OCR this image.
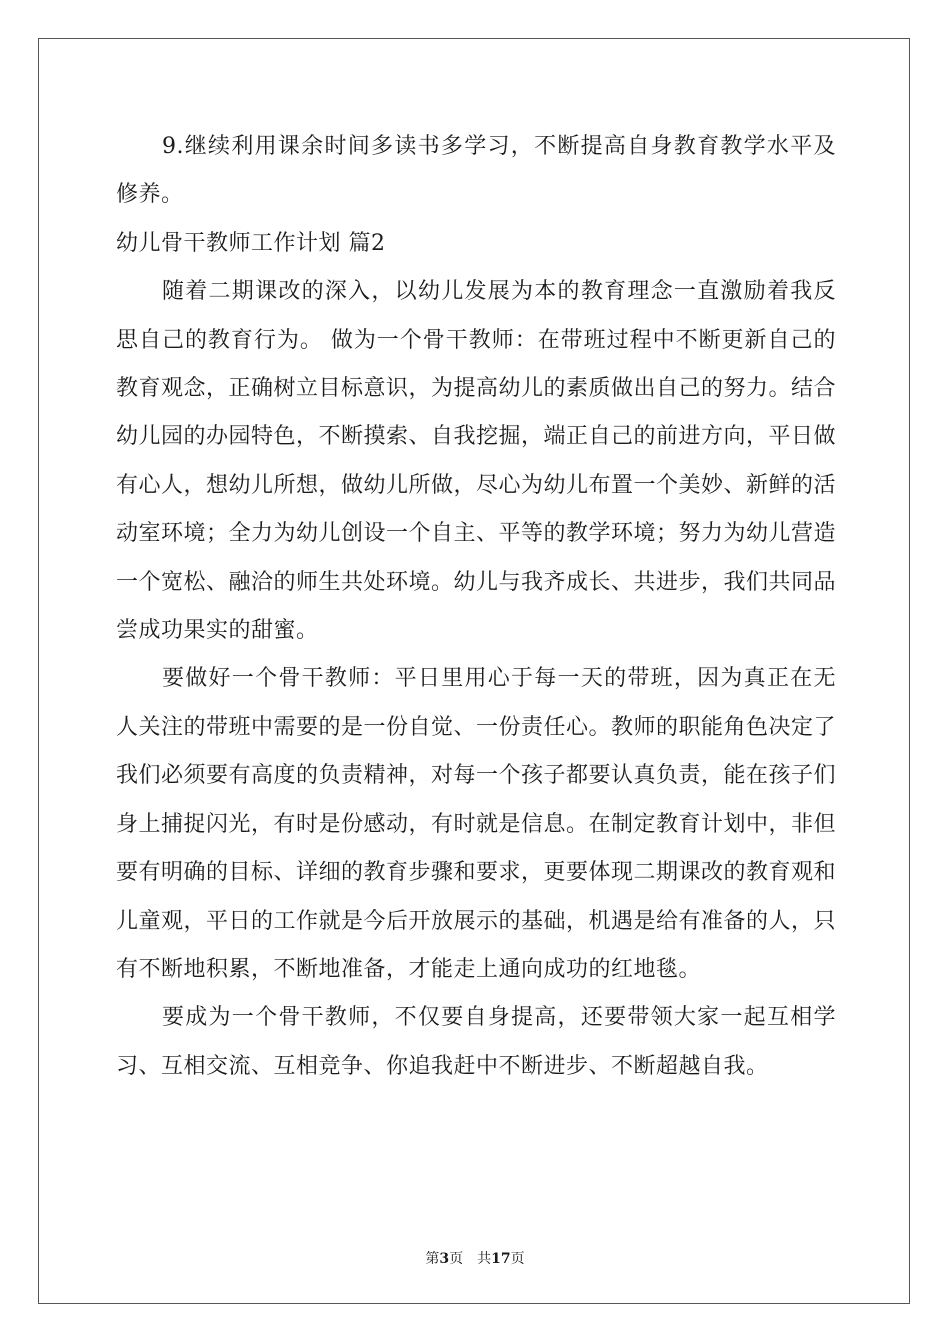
9.继续利用课余时间多读书多学习，不断提高自身教育教学水平及修养。

幼儿骨干教师工作计划 篇2

随着二期课改的深入，以幼儿发展为本的教育理念一直激励着我反思自己的教育行为。 做为一个骨干教师：在带班过程中不断更新自己的教育观念，正确树立目标意识，为提高幼儿的素质做出自己的努力。结合幼儿园的办园特色，不断摸索、自我挖掘，端正自己的前进方向，平日做有心人，想幼儿所想，做幼儿所做，尽心为幼儿布置一个美妙、新鲜的活动室环境；全力为幼儿创设一个自主、平等的教学环境；努力为幼儿营造一个宽松、融洽的师生共处环境。幼儿与我齐成长、共进步，我们共同品尝成功果实的甜蜜。

要做好一个骨干教师：平日里用心于每一天的带班，因为真正在无人关注的带班中需要的是一份自觉、一份责任心。教师的职能角色决定了我们必须要有高度的负责精神，对每一个孩子都要认真负责，能在孩子们身上捕捉闪光，有时是份感动，有时就是信息。在制定教育计划中，非但要有明确的目标、详细的教育步骤和要求，更要体现二期课改的教育观和儿童观，平日的工作就是今后开放展示的基础，机遇是给有准备的人，只有不断地积累，不断地准备，才能走上通向成功的红地毯。

要成为一个骨干教师，不仅要自身提高，还要带领大家一起互相学习、互相交流、互相竞争、你追我赶中不断进步、不断超越自我。

第3页 共17页
